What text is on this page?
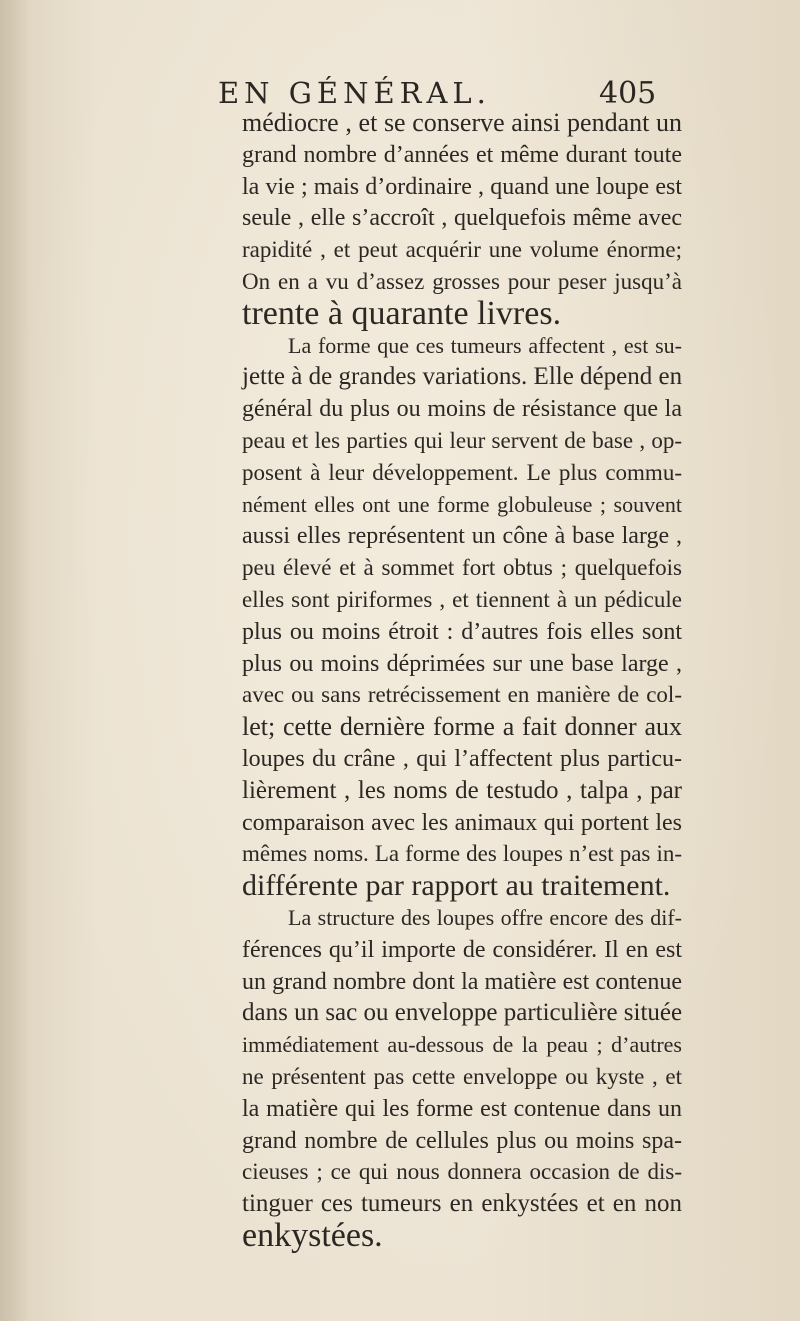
EN GÉNÉRAL.	405
médiocre , et se conserve ainsi pendant un
grand nombre d’années et même durant toute
la vie ; mais d’ordinaire , quand une loupe est
seule , elle s’accroît , quelquefois même avec
rapidité , et peut acquérir une volume énorme;
On en a vu d’assez grosses pour peser jusqu’à
trente à quarante livres.
La forme que ces tumeurs affectent , est su-
jette à de grandes variations. Elle dépend en
général du plus ou moins de résistance que la
peau et les parties qui leur servent de base , op-
posent à leur développement. Le plus commu-
nément elles ont une forme globuleuse ; souvent
aussi elles représentent un cône à base large ,
peu élevé et à sommet fort obtus ; quelquefois
elles sont piriformes , et tiennent à un pédicule
plus ou moins étroit : d’autres fois elles sont
plus ou moins déprimées sur une base large ,
avec ou sans retrécissement en manière de col-
let; cette dernière forme a fait donner aux
loupes du crâne , qui l’affectent plus particu-
lièrement , les noms de testudo , talpa , par
comparaison avec les animaux qui portent les
mêmes noms. La forme des loupes n’est pas in-
différente par rapport au traitement.
La structure des loupes offre encore des dif-
férences qu’il importe de considérer. Il en est
un grand nombre dont la matière est contenue
dans un sac ou enveloppe particulière située
immédiatement au-dessous de la peau ; d’autres
ne présentent pas cette enveloppe ou kyste , et
la matière qui les forme est contenue dans un
grand nombre de cellules plus ou moins spa-
cieuses ; ce qui nous donnera occasion de dis-
tinguer ces tumeurs en enkystées et en non
enkystées.
